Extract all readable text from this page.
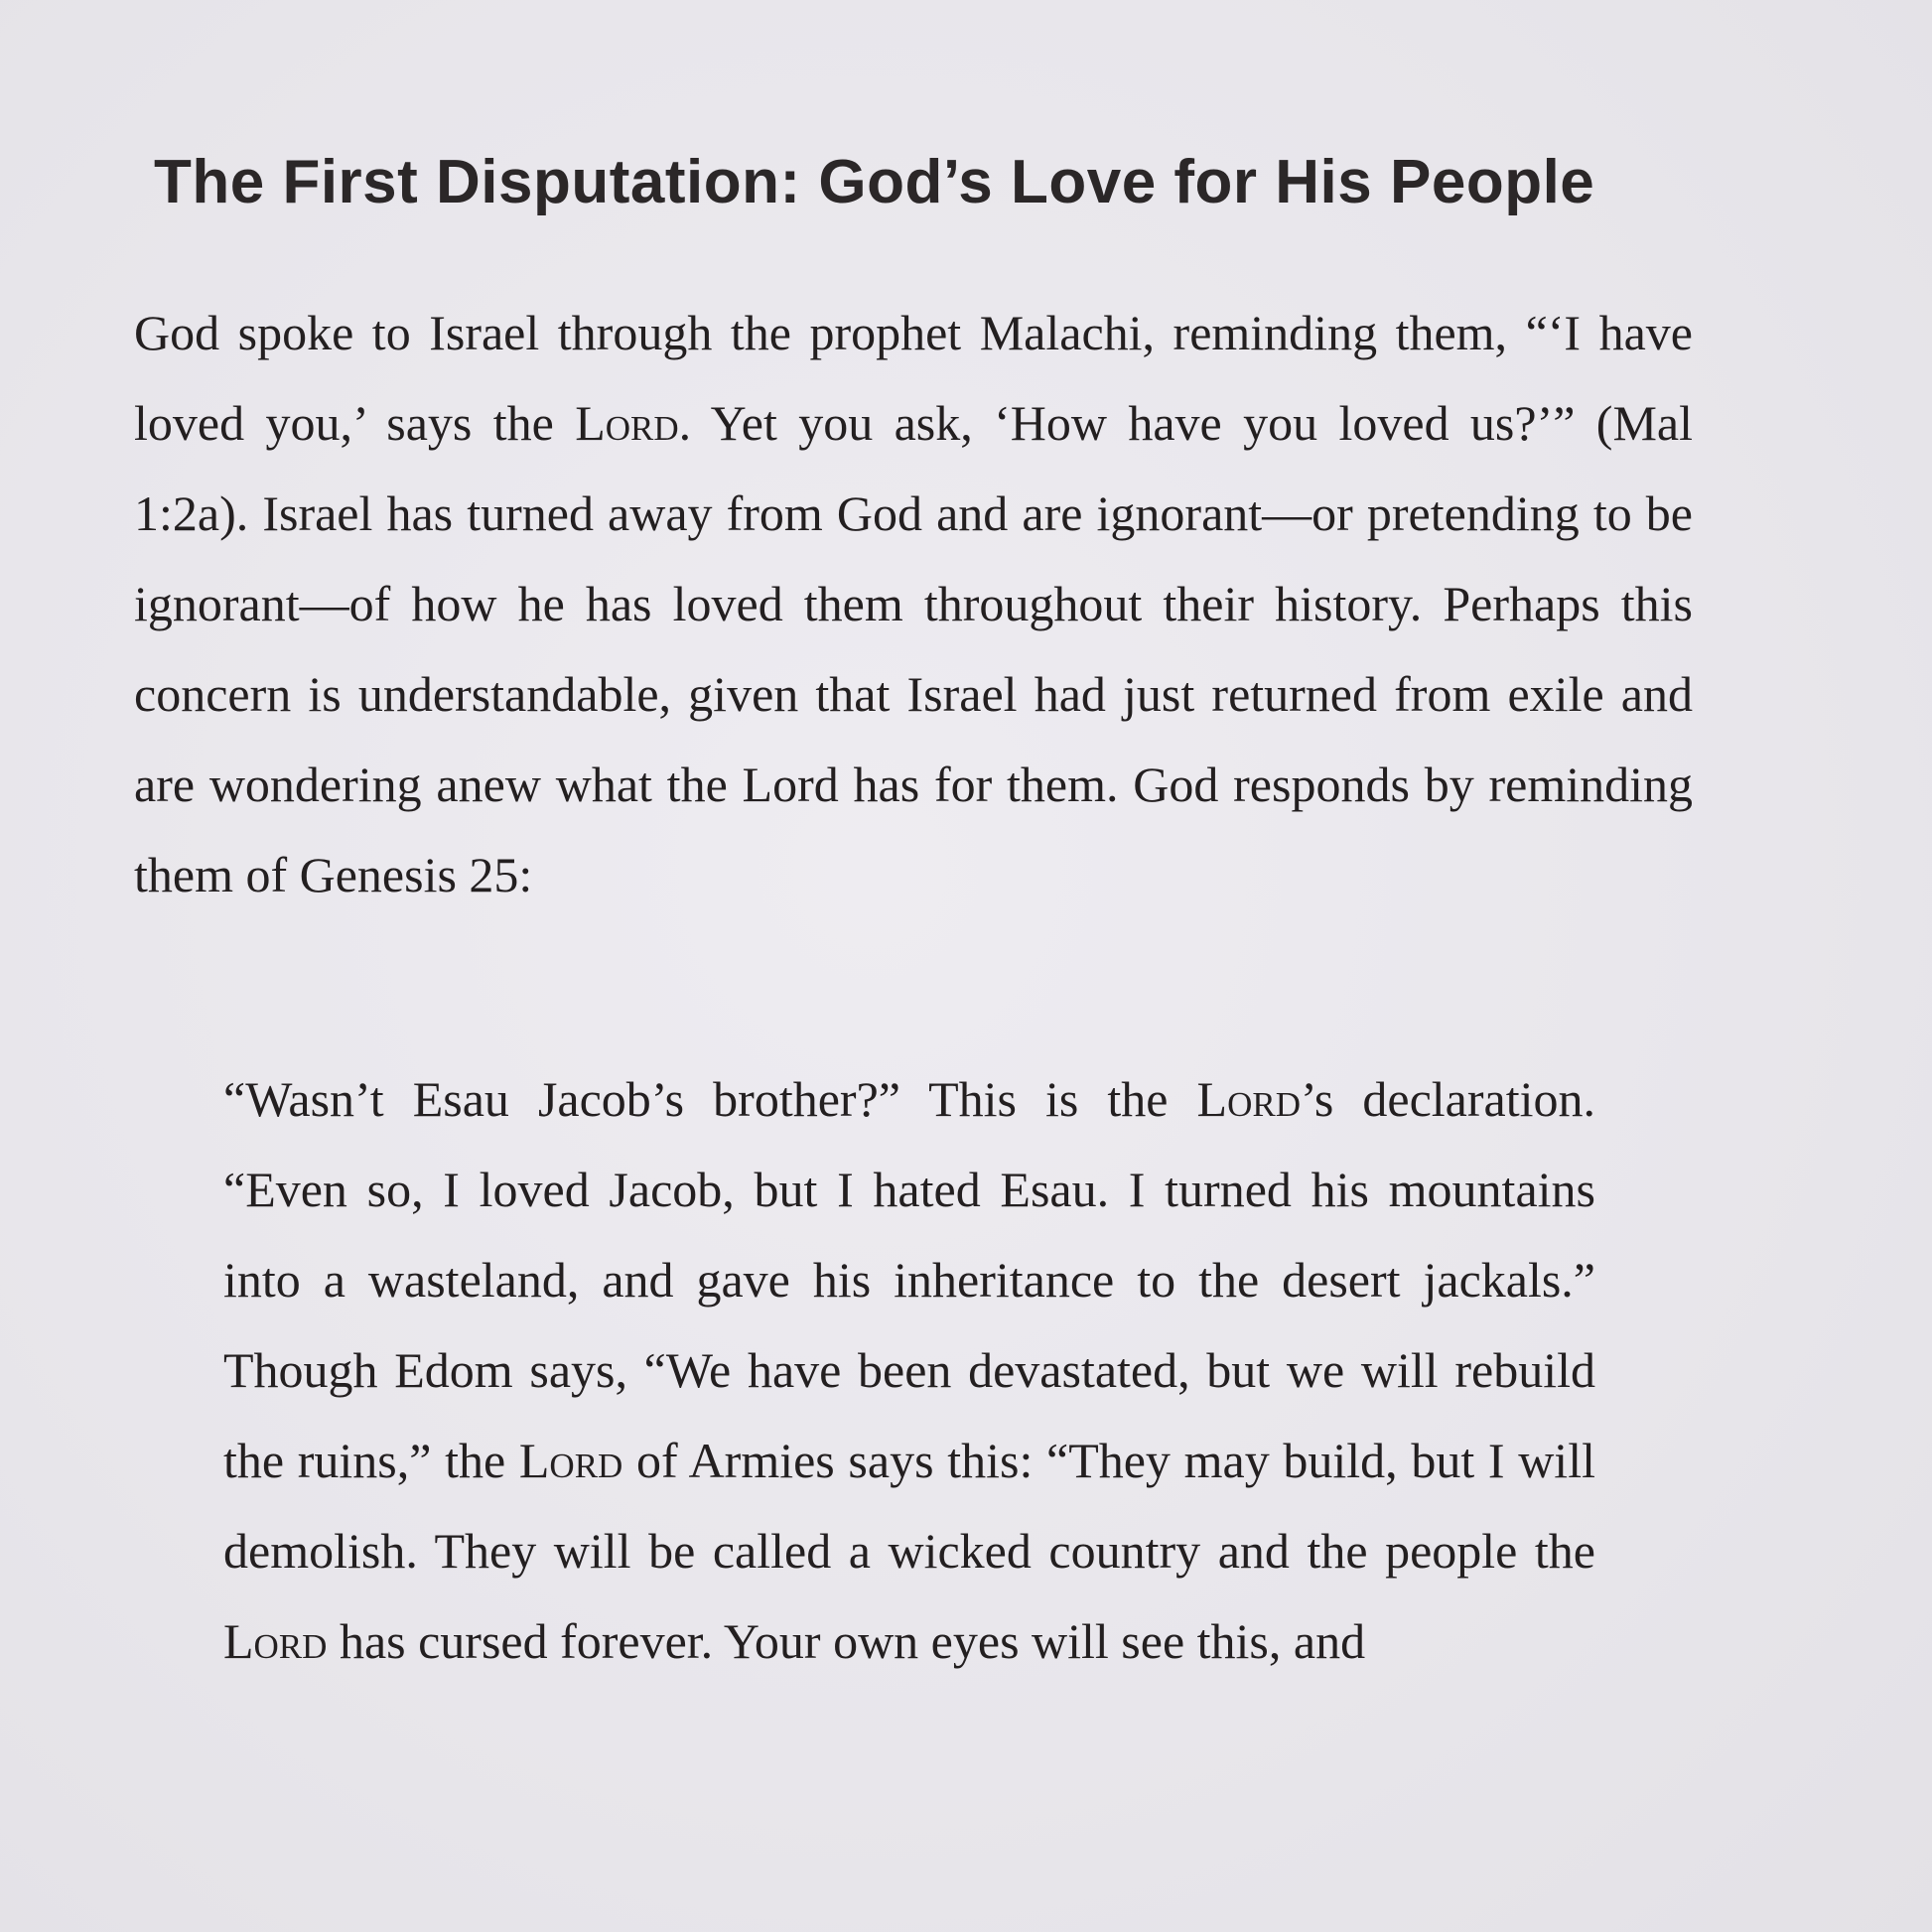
The First Disputation: God’s Love for His People

God spoke to Israel through the prophet Malachi, reminding them, “‘I have loved you,’ says the Lord. Yet you ask, ‘How have you loved us?’” (Mal 1:2a). Israel has turned away from God and are ignorant—or pretending to be ignorant—of how he has loved them throughout their history. Perhaps this concern is understandable, given that Israel had just returned from exile and are wondering anew what the Lord has for them. God responds by reminding them of Genesis 25:

“Wasn’t Esau Jacob’s brother?” This is the Lord’s declaration. “Even so, I loved Jacob, but I hated Esau. I turned his mountains into a wasteland, and gave his inheritance to the desert jackals.” Though Edom says, “We have been devastated, but we will rebuild the ruins,” the Lord of Armies says this: “They may build, but I will demolish. They will be called a wicked country and the people the Lord has cursed forever. Your own eyes will see this, and
